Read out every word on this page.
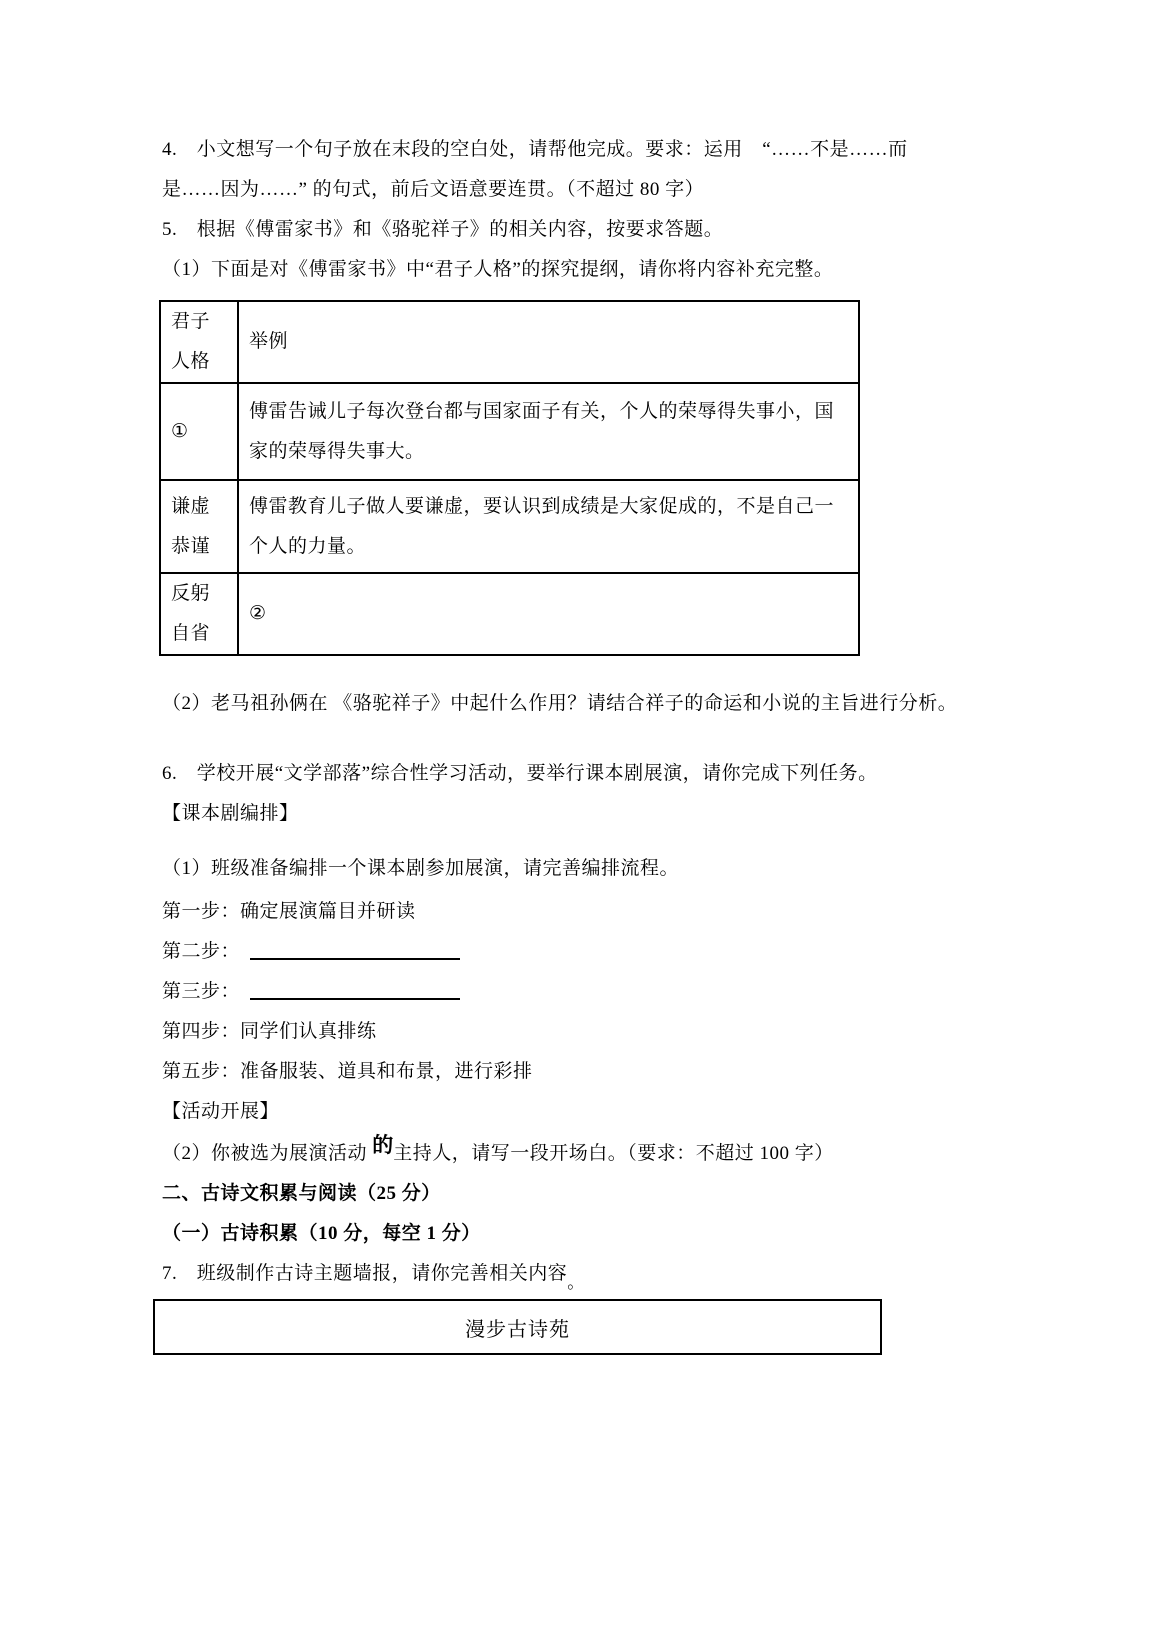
4.　小文想写一个句子放在末段的空白处，请帮他完成。要求：运用　“……不是……而
是……因为……” 的句式，前后文语意要连贯。（不超过 80 字）
5.　根据《傅雷家书》和《骆驼祥子》的相关内容，按要求答题。
（1）下面是对《傅雷家书》中“君子人格”的探究提纲，请你将内容补充完整。
君子人格	举例
①	傅雷告诫儿子每次登台都与国家面子有关，个人的荣辱得失事小，国家的荣辱得失事大。
谦虚恭谨	傅雷教育儿子做人要谦虚，要认识到成绩是大家促成的，不是自己一个人的力量。
反躬自省	②
（2）老马祖孙俩在 《骆驼祥子》中起什么作用？请结合祥子的命运和小说的主旨进行分析。
6.　学校开展“文学部落”综合性学习活动，要举行课本剧展演，请你完成下列任务。
【课本剧编排】
（1）班级准备编排一个课本剧参加展演，请完善编排流程。
第一步：确定展演篇目并研读
第二步：
第三步：
第四步：同学们认真排练
第五步：准备服装、道具和布景，进行彩排
【活动开展】
（2）你被选为展演活动 的主持人，请写一段开场白。（要求：不超过 100 字）
二、古诗文积累与阅读（25 分）
（一）古诗积累（10 分，每空 1 分）
7.　班级制作古诗主题墙报，请你完善相关内容。
漫步古诗苑
